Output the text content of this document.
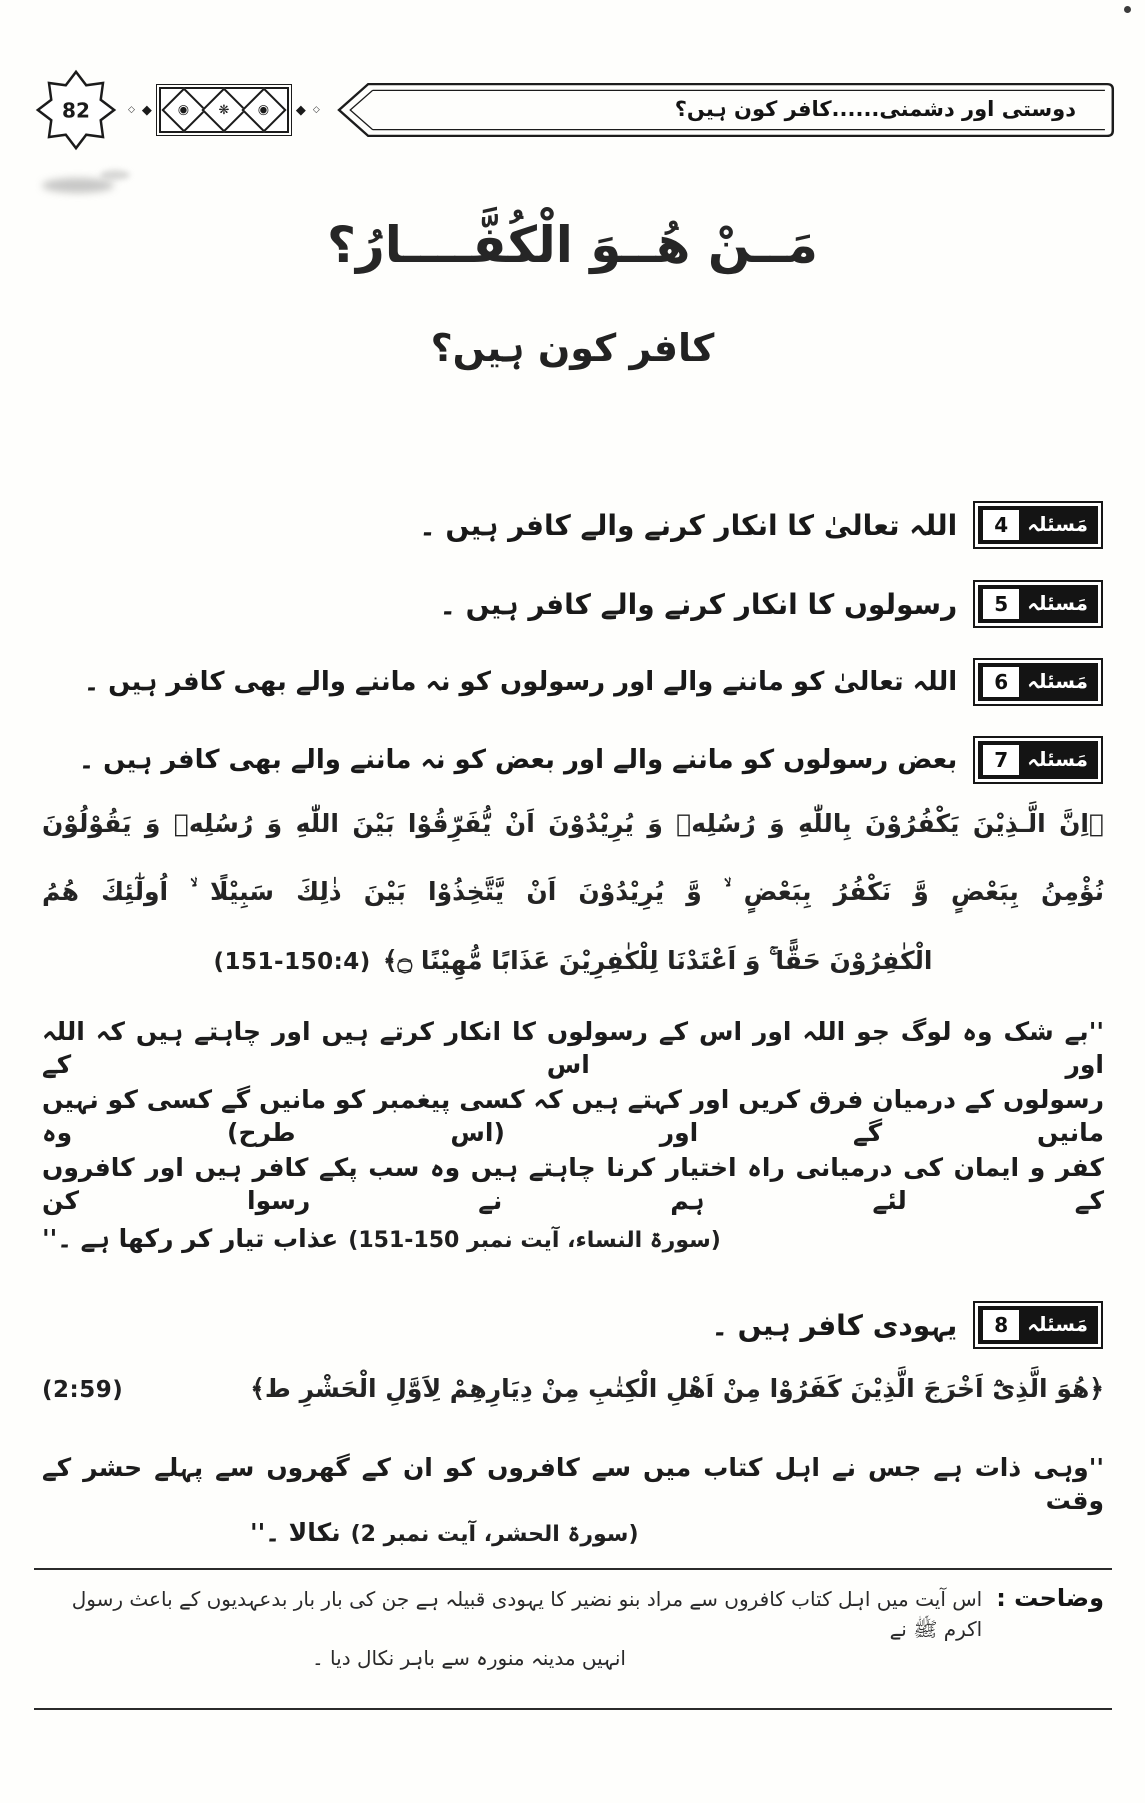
82	◇ ◆ ◉ ❋ ◉ ◆ ◇	دوستی اور دشمنی......کافر کون ہیں؟
مَــنْ هُــوَ الْكُفَّــــارُ؟
کافر کون ہیں؟
مَسئلہ
4
اللہ تعالیٰ کا انکار کرنے والے کافر ہیں ۔
مَسئلہ
5
رسولوں کا انکار کرنے والے کافر ہیں ۔
مَسئلہ
6
اللہ تعالیٰ کو ماننے والے اور رسولوں کو نہ ماننے والے بھی کافر ہیں ۔
مَسئلہ
7
بعض رسولوں کو ماننے والے اور بعض کو نہ ماننے والے بھی کافر ہیں ۔
﴿اِنَّ الَّـذِيْنَ يَكْفُرُوْنَ بِاللّٰهِ وَ رُسُلِهٖ وَ يُرِيْدُوْنَ اَنْ يُّفَرِّقُوْا بَيْنَ اللّٰهِ وَ رُسُلِهٖ وَ يَقُوْلُوْنَ
نُؤْمِنُ بِبَعْضٍ وَّ نَكْفُرُ بِبَعْضٍ ۙ وَّ يُرِيْدُوْنَ اَنْ يَّتَّخِذُوْا بَيْنَ ذٰلِكَ سَبِيْلًا ۙ اُولٰٓئِكَ هُمُ
(151-150:4) الْكٰفِرُوْنَ حَقًّا ۚ وَ اَعْتَدْنَا لِلْكٰفِرِيْنَ عَذَابًا مُّهِيْنًا ۝﴾
''بے شک وہ لوگ جو اللہ اور اس کے رسولوں کا انکار کرتے ہیں اور چاہتے ہیں کہ اللہ اور اس کے
رسولوں کے درمیان فرق کریں اور کہتے ہیں کہ کسی پیغمبر کو مانیں گے کسی کو نہیں مانیں گے اور (اس طرح) وہ
کفر و ایمان کی درمیانی راہ اختیار کرنا چاہتے ہیں وہ سب پکے کافر ہیں اور کافروں کے لئے ہم نے رسوا کن
عذاب تیار کر رکھا ہے ۔'' (سورۃ النساء، آیت نمبر 150-151)
مَسئلہ
8
یہودی کافر ہیں ۔
(2:59)	﴿هُوَ الَّذِىْٓ اَخْرَجَ الَّذِيْنَ كَفَرُوْا مِنْ اَهْلِ الْكِتٰبِ مِنْ دِيَارِهِمْ لِاَوَّلِ الْحَشْرِ ط﴾
''وہی ذات ہے جس نے اہل کتاب میں سے کافروں کو ان کے گھروں سے پہلے حشر کے وقت
نکالا ۔'' (سورۃ الحشر، آیت نمبر 2)
وضاحت :
اس آیت میں اہل کتاب کافروں سے مراد بنو نضیر کا یہودی قبیلہ ہے جن کی بار بار بدعہدیوں کے باعث رسول اکرم ﷺ نے
انہیں مدینہ منورہ سے باہر نکال دیا ۔
